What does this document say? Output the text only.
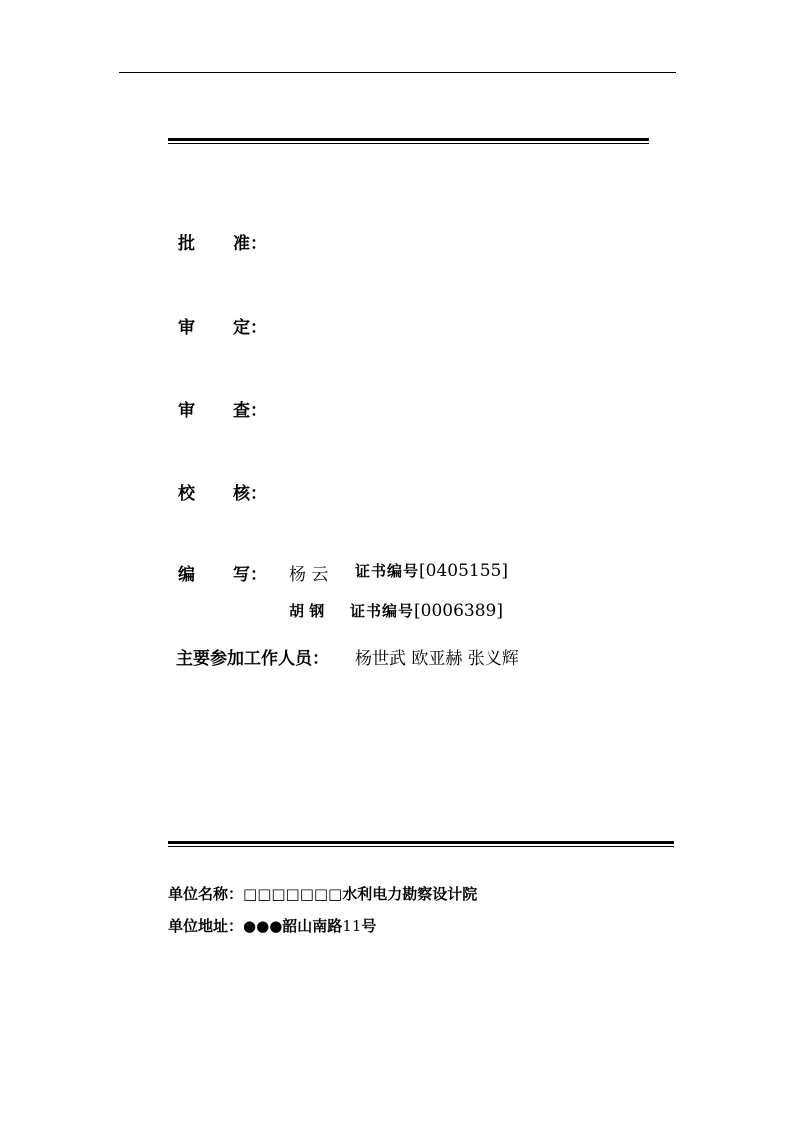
批 准：
审 定：
审 查：
校 核：
编 写： 杨 云 证书编号[0405155]
胡 钢 证书编号[0006389]
主要参加工作人员： 杨世武 欧亚赫 张义辉
单位名称：□□□□□□□水利电力勘察设计院
单位地址：●●●韶山南路11号
